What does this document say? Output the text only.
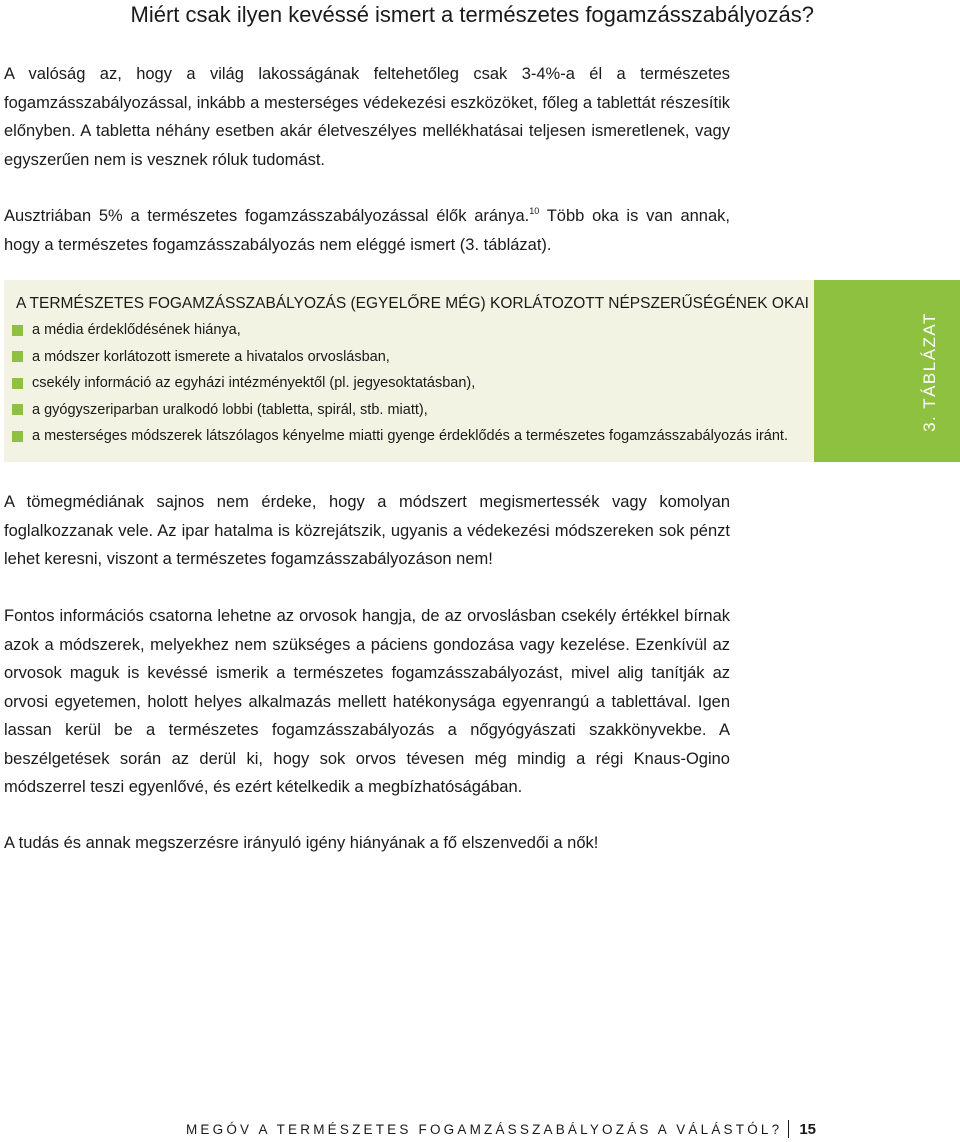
Miért csak ilyen kevéssé ismert a természetes fogamzásszabályozás?

A valóság az, hogy a világ lakosságának feltehetőleg csak 3-4%-a él a természetes fogamzásszabályozással, inkább a mesterséges védekezési eszközöket, főleg a tablettát részesítik előnyben. A tabletta néhány esetben akár életveszélyes mellékhatásai teljesen ismeretlenek, vagy egyszerűen nem is vesznek róluk tudomást.

Ausztriában 5% a természetes fogamzásszabályozással élők aránya.$^{10}$ Több oka is van annak, hogy a természetes fogamzásszabályozás nem eléggé ismert (3. táblázat).

A TERMÉSZETES FOGAMZÁSSZABÁLYOZÁS (EGYELŐRE MÉG) KORLÁTOZOTT NÉPSZERŰSÉGÉNEK OKAI
a média érdeklődésének hiánya,
a módszer korlátozott ismerete a hivatalos orvoslásban,
csekély információ az egyházi intézményektől (pl. jegyesoktatásban),
a gyógyszeriparban uralkodó lobbi (tabletta, spirál, stb. miatt),
a mesterséges módszerek látszólagos kényelme miatti gyenge érdeklődés a természetes fogamzásszabályozás iránt.
3. TÁBLÁZAT

A tömegmédiának sajnos nem érdeke, hogy a módszert megismertessék vagy komolyan foglalkozzanak vele. Az ipar hatalma is közrejátszik, ugyanis a védekezési módszereken sok pénzt lehet keresni, viszont a természetes fogamzásszabályozáson nem!

Fontos információs csatorna lehetne az orvosok hangja, de az orvoslásban csekély értékkel bírnak azok a módszerek, melyekhez nem szükséges a páciens gondozása vagy kezelése. Ezenkívül az orvosok maguk is kevéssé ismerik a természetes fogamzásszabályozást, mivel alig tanítják az orvosi egyetemen, holott helyes alkalmazás mellett hatékonysága egyenrangú a tablettával. Igen lassan kerül be a természetes fogamzásszabályozás a nőgyógyászati szakkönyvekbe. A beszélgetések során az derül ki, hogy sok orvos tévesen még mindig a régi Knaus-Ogino módszerrel teszi egyenlővé, és ezért kételkedik a megbízhatóságában.

A tudás és annak megszerzésre irányuló igény hiányának a fő elszenvedői a nők!

MEGÓV A TERMÉSZETES FOGAMZÁSSZABÁLYOZÁS A VÁLÁSTÓL? 15
